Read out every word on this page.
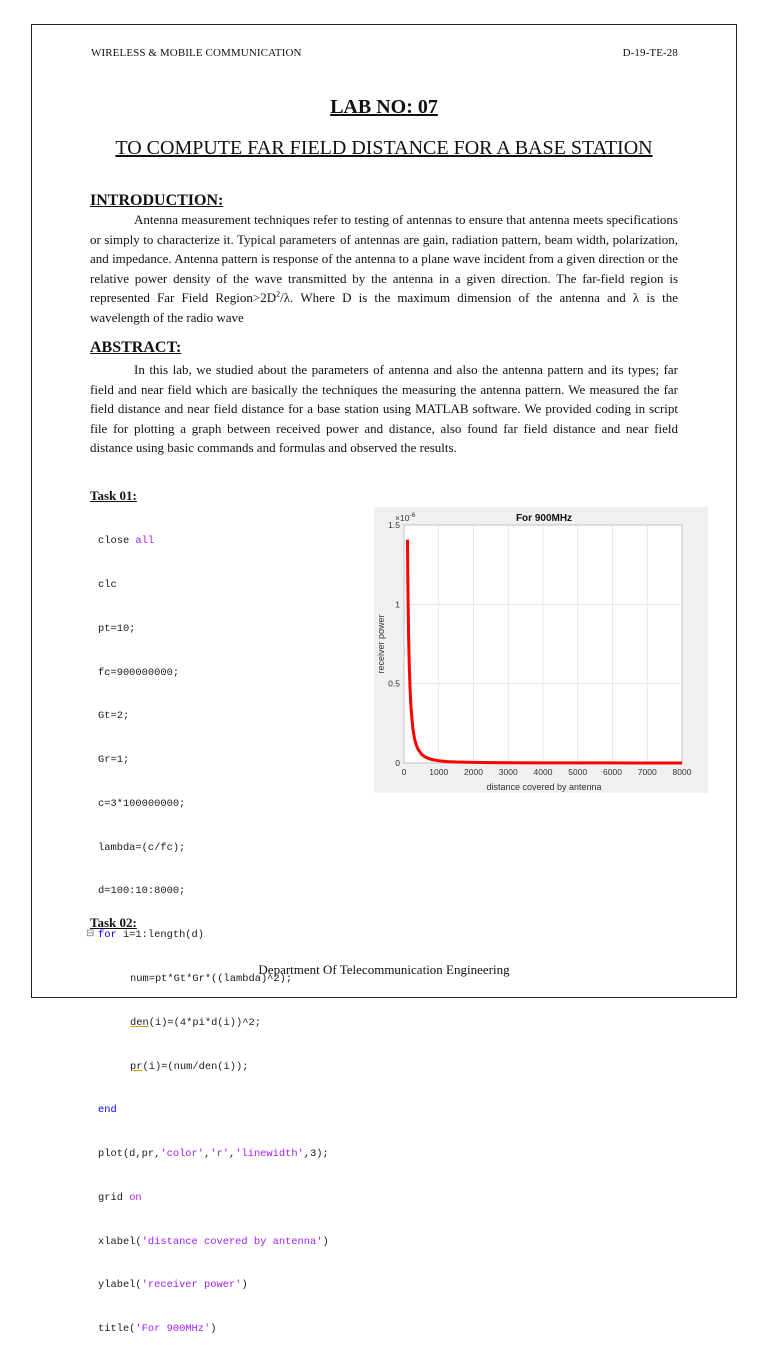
WIRELESS & MOBILE COMMUNICATION	D-19-TE-28
LAB NO: 07
TO COMPUTE FAR FIELD DISTANCE FOR A BASE STATION
INTRODUCTION:
Antenna measurement techniques refer to testing of antennas to ensure that antenna meets specifications or simply to characterize it. Typical parameters of antennas are gain, radiation pattern, beam width, polarization, and impedance. Antenna pattern is response of the antenna to a plane wave incident from a given direction or the relative power density of the wave transmitted by the antenna in a given direction. The far-field region is represented Far Field $Region>2D^2/\lambda$. Where D is the maximum dimension of the antenna and λ is the wavelength of the radio wave
ABSTRACT:
In this lab, we studied about the parameters of antenna and also the antenna pattern and its types; far field and near field which are basically the techniques the measuring the antenna pattern. We measured the far field distance and near field distance for a base station using MATLAB software. We provided coding in script file for plotting a graph between received power and distance, also found far field distance and near field distance using basic commands and formulas and observed the results.
Task 01:

close all

clc

pt=10;

fc=900000000;

Gt=2;

Gr=1;

c=3*100000000;

lambda=(c/fc);

d=100:10:8000;

⊟ for i=1:length(d)

num=pt*Gt*Gr*((lambda)^2);

den(i)=(4*pi*d(i))^2;

pr(i)=(num/den(i));

end

plot(d,pr,'color','r','linewidth',3);

grid on

xlabel('distance covered by antenna')

ylabel('receiver power')

title('For 900MHz')

0	1000 2000 3000 4000 5000 6000 7000 8000
0
0.5
1
1.5
For 900MHz
$\times 10^{-6}$
distance covered by antenna
receiver power
Task 02:
Department Of Telecommunication Engineering
